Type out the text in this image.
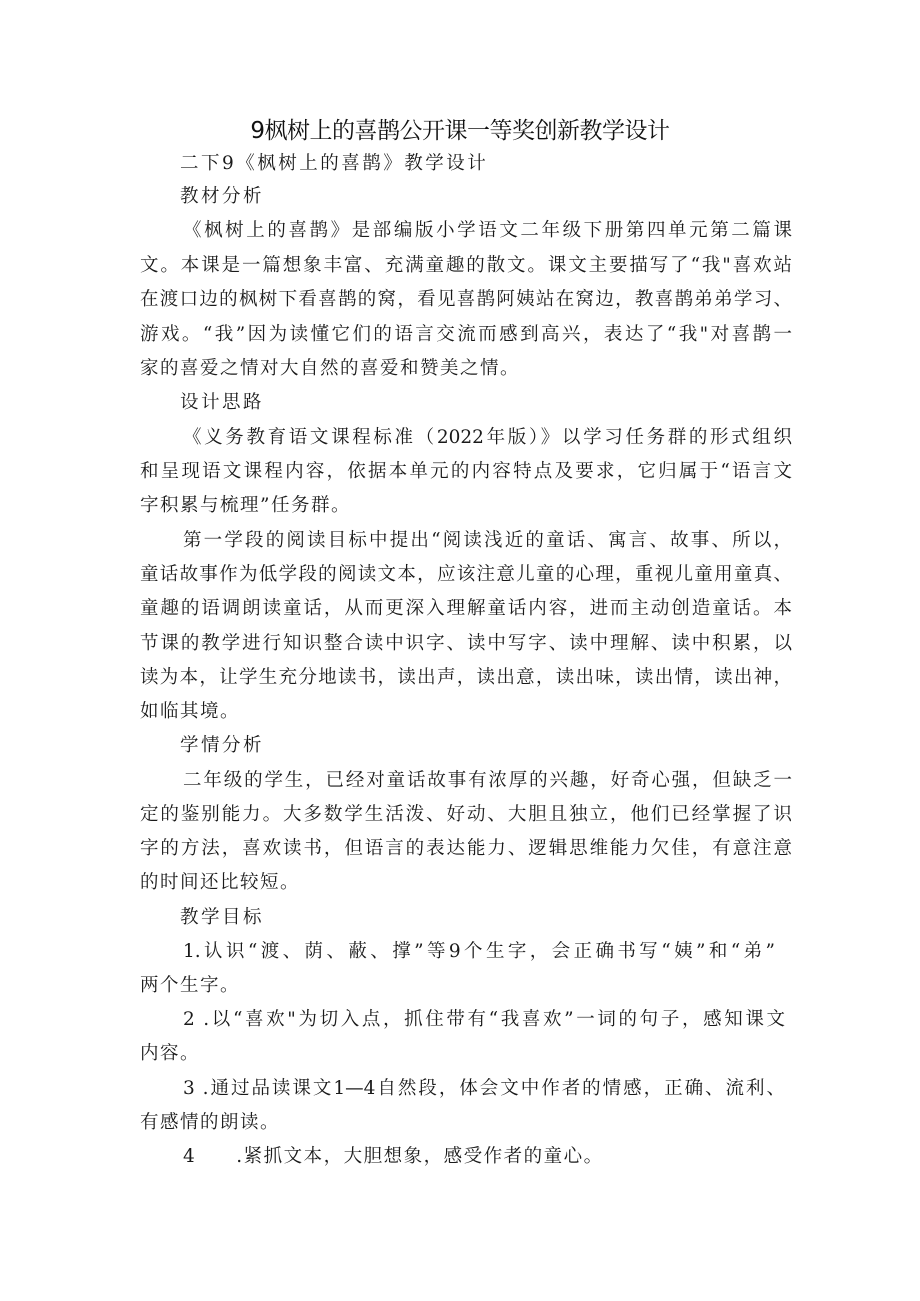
9枫树上的喜鹊公开课一等奖创新教学设计
二下9《枫树上的喜鹊》教学设计
教材分析
《枫树上的喜鹊》是部编版小学语文二年级下册第四单元第二篇课
文。本课是一篇想象丰富、充满童趣的散文。课文主要描写了“我"喜欢站
在渡口边的枫树下看喜鹊的窝，看见喜鹊阿姨站在窝边，教喜鹊弟弟学习、
游戏。“我”因为读懂它们的语言交流而感到高兴，表达了“我"对喜鹊一
家的喜爱之情对大自然的喜爱和赞美之情。
设计思路
《义务教育语文课程标准（2022年版）》以学习任务群的形式组织
和呈现语文课程内容，依据本单元的内容特点及要求，它归属于“语言文
字积累与梳理”任务群。
第一学段的阅读目标中提出“阅读浅近的童话、寓言、故事、所以，
童话故事作为低学段的阅读文本，应该注意儿童的心理，重视儿童用童真、
童趣的语调朗读童话，从而更深入理解童话内容，进而主动创造童话。本
节课的教学进行知识整合读中识字、读中写字、读中理解、读中积累，以
读为本，让学生充分地读书，读出声，读出意，读出味，读出情，读出神，
如临其境。
学情分析
二年级的学生，已经对童话故事有浓厚的兴趣，好奇心强，但缺乏一
定的鉴别能力。大多数学生活泼、好动、大胆且独立，他们已经掌握了识
字的方法，喜欢读书，但语言的表达能力、逻辑思维能力欠佳，有意注意
的时间还比较短。
教学目标
1.认识“渡、荫、蔽、撑”等9个生字，会正确书写“姨”和“弟”
两个生字。
2 .以“喜欢"为切入点，抓住带有“我喜欢”一词的句子，感知课文
内容。
3 .通过品读课文1—4自然段，体会文中作者的情感，正确、流利、
有感情的朗读。
4　　.紧抓文本，大胆想象，感受作者的童心。
